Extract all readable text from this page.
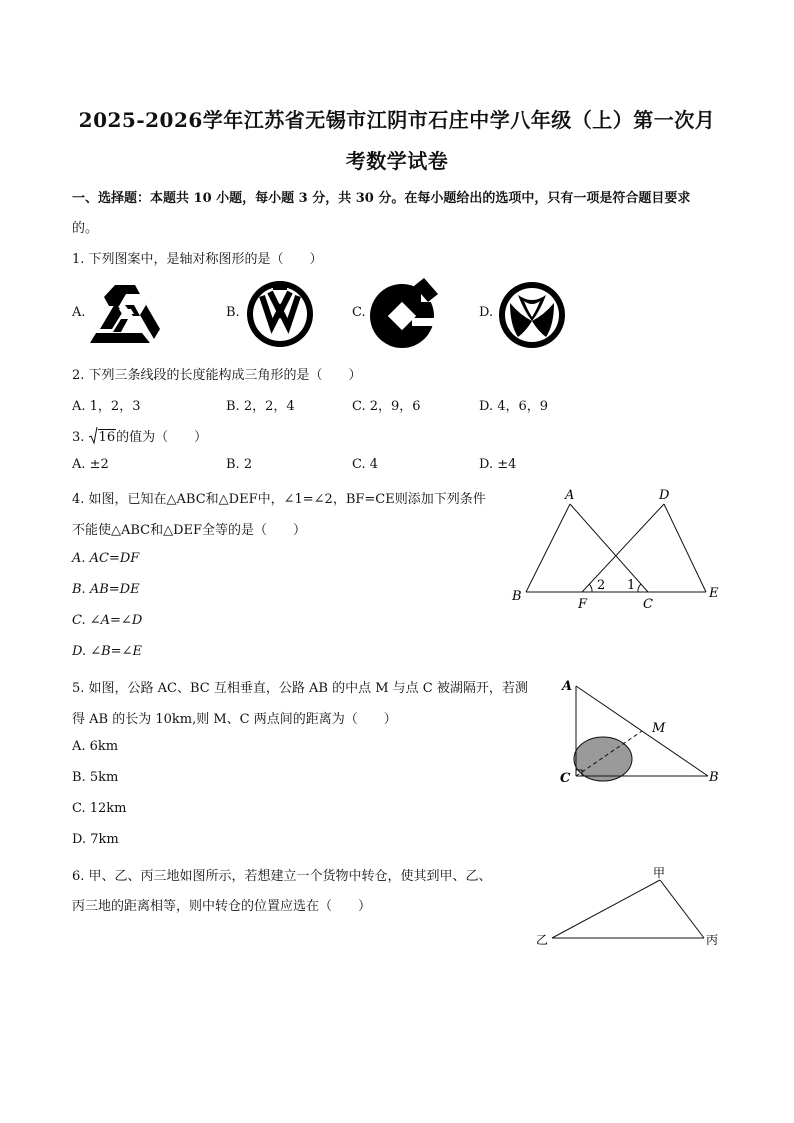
2025-2026学年江苏省无锡市江阴市石庄中学八年级（上）第一次月
考数学试卷
一、选择题：本题共 10 小题，每小题 3 分，共 30 分。在每小题给出的选项中，只有一项是符合题目要求
的。
1. 下列图案中，是轴对称图形的是（　　）
A.	B.	C.	D.
2. 下列三条线段的长度能构成三角形的是（　　）
A. 1，2，3	B. 2，2，4	C. 2，9，6	D. 4，6，9
3.
16的值为（　　）
A. ±2	B. 2	C. 4	D. ±4
4. 如图，已知在△ABC和△DEF中，∠1=∠2，BF=CE则添加下列条件
不能使△ABC和△DEF全等的是（　　）
A. AC=DF
B. AB=DE
C. ∠A=∠D
D. ∠B=∠E
A
B
C
D
E
F
1
2
5. 如图，公路 AC、BC 互相垂直，公路 AB 的中点 M 与点 C 被湖隔开，若测
得 AB 的长为 10km,则 M、C 两点间的距离为（　　）
A. 6km
B. 5km
C. 12km
D. 7km
A
C	B
M
6. 甲、乙、丙三地如图所示，若想建立一个货物中转仓，使其到甲、乙、
丙三地的距离相等，则中转仓的位置应选在（　　）
甲
乙	丙
